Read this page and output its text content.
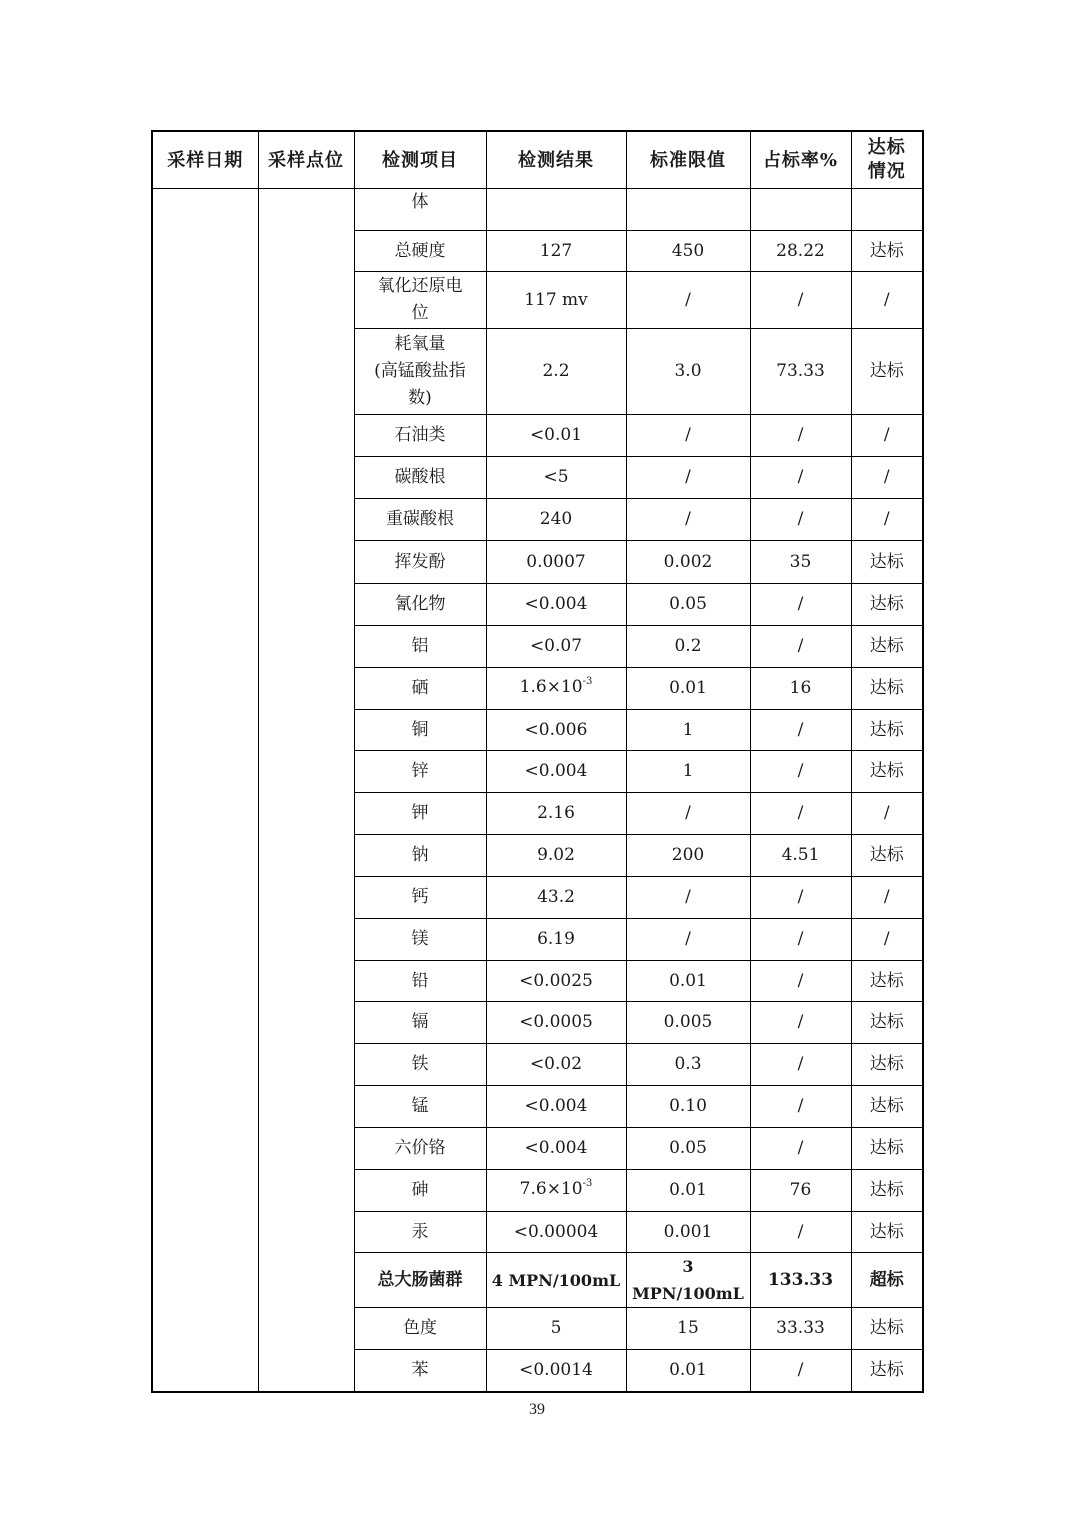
采样日期	采样点位	检测项目	检测结果	标准限值	占标率%	达标
情况
		体				
		总硬度	127	450	28.22	达标
		氧化还原电
位	117 mv	/	/	/
		耗氧量
(高锰酸盐指
数)	2.2	3.0	73.33	达标
		石油类	<0.01	/	/	/
		碳酸根	<5	/	/	/
		重碳酸根	240	/	/	/
		挥发酚	0.0007	0.002	35	达标
		氰化物	<0.004	0.05	/	达标
		铝	<0.07	0.2	/	达标
		硒	$1.6\times 10^{-3}$	0.01	16	达标
		铜	<0.006	1	/	达标
		锌	<0.004	1	/	达标
		钾	2.16	/	/	/
		钠	9.02	200	4.51	达标
		钙	43.2	/	/	/
		镁	6.19	/	/	/
		铅	<0.0025	0.01	/	达标
		镉	<0.0005	0.005	/	达标
		铁	<0.02	0.3	/	达标
		锰	<0.004	0.10	/	达标
		六价铬	<0.004	0.05	/	达标
		砷	$7.6\times 10^{-3}$	0.01	76	达标
		汞	<0.00004	0.001	/	达标
		总大肠菌群	4 MPN/100mL	3 MPN/100mL	133.33	超标
		色度	5	15	33.33	达标
		苯	<0.0014	0.01	/	达标
39
